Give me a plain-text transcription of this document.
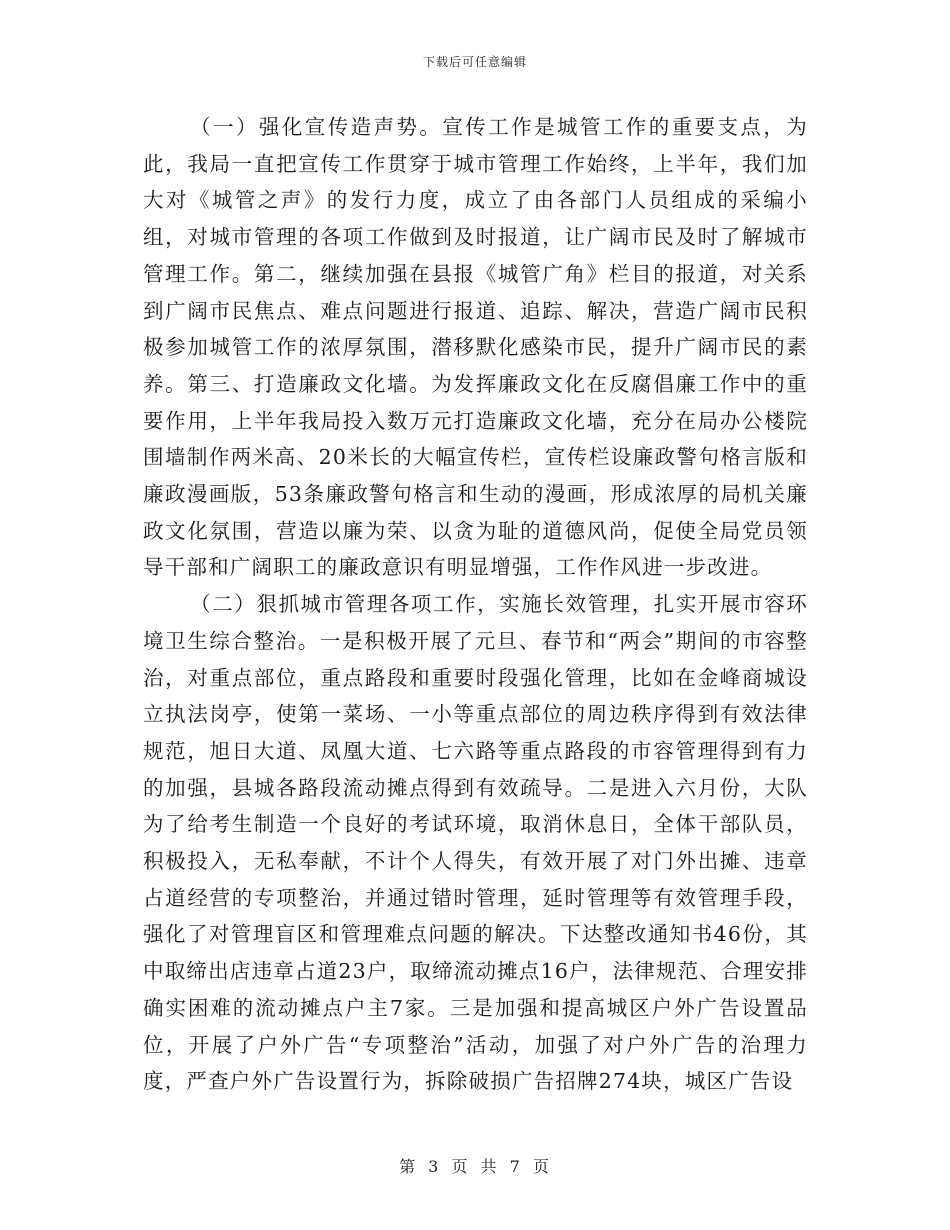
下载后可任意编辑

（一）强化宣传造声势。宣传工作是城管工作的重要支点，为此，我局一直把宣传工作贯穿于城市管理工作始终，上半年，我们加大对《城管之声》的发行力度，成立了由各部门人员组成的采编小组，对城市管理的各项工作做到及时报道，让广阔市民及时了解城市管理工作。第二，继续加强在县报《城管广角》栏目的报道，对关系到广阔市民焦点、难点问题进行报道、追踪、解决，营造广阔市民积极参加城管工作的浓厚氛围，潜移默化感染市民，提升广阔市民的素养。第三、打造廉政文化墙。为发挥廉政文化在反腐倡廉工作中的重要作用，上半年我局投入数万元打造廉政文化墙，充分在局办公楼院围墙制作两米高、20米长的大幅宣传栏，宣传栏设廉政警句格言版和廉政漫画版，53条廉政警句格言和生动的漫画，形成浓厚的局机关廉政文化氛围，营造以廉为荣、以贪为耻的道德风尚，促使全局党员领导干部和广阔职工的廉政意识有明显增强，工作作风进一步改进。

（二）狠抓城市管理各项工作，实施长效管理，扎实开展市容环境卫生综合整治。一是积极开展了元旦、春节和“两会”期间的市容整治，对重点部位，重点路段和重要时段强化管理，比如在金峰商城设立执法岗亭，使第一菜场、一小等重点部位的周边秩序得到有效法律规范，旭日大道、凤凰大道、七六路等重点路段的市容管理得到有力的加强，县城各路段流动摊点得到有效疏导。二是进入六月份，大队为了给考生制造一个良好的考试环境，取消休息日，全体干部队员，积极投入，无私奉献，不计个人得失，有效开展了对门外出摊、违章占道经营的专项整治，并通过错时管理，延时管理等有效管理手段，强化了对管理盲区和管理难点问题的解决。下达整改通知书46份，其中取缔出店违章占道23户，取缔流动摊点16户，法律规范、合理安排确实困难的流动摊点户主7家。三是加强和提高城区户外广告设置品位，开展了户外广告“专项整治”活动，加强了对户外广告的治理力度，严查户外广告设置行为，拆除破损广告招牌274块，城区广告设

第 3 页 共 7 页
